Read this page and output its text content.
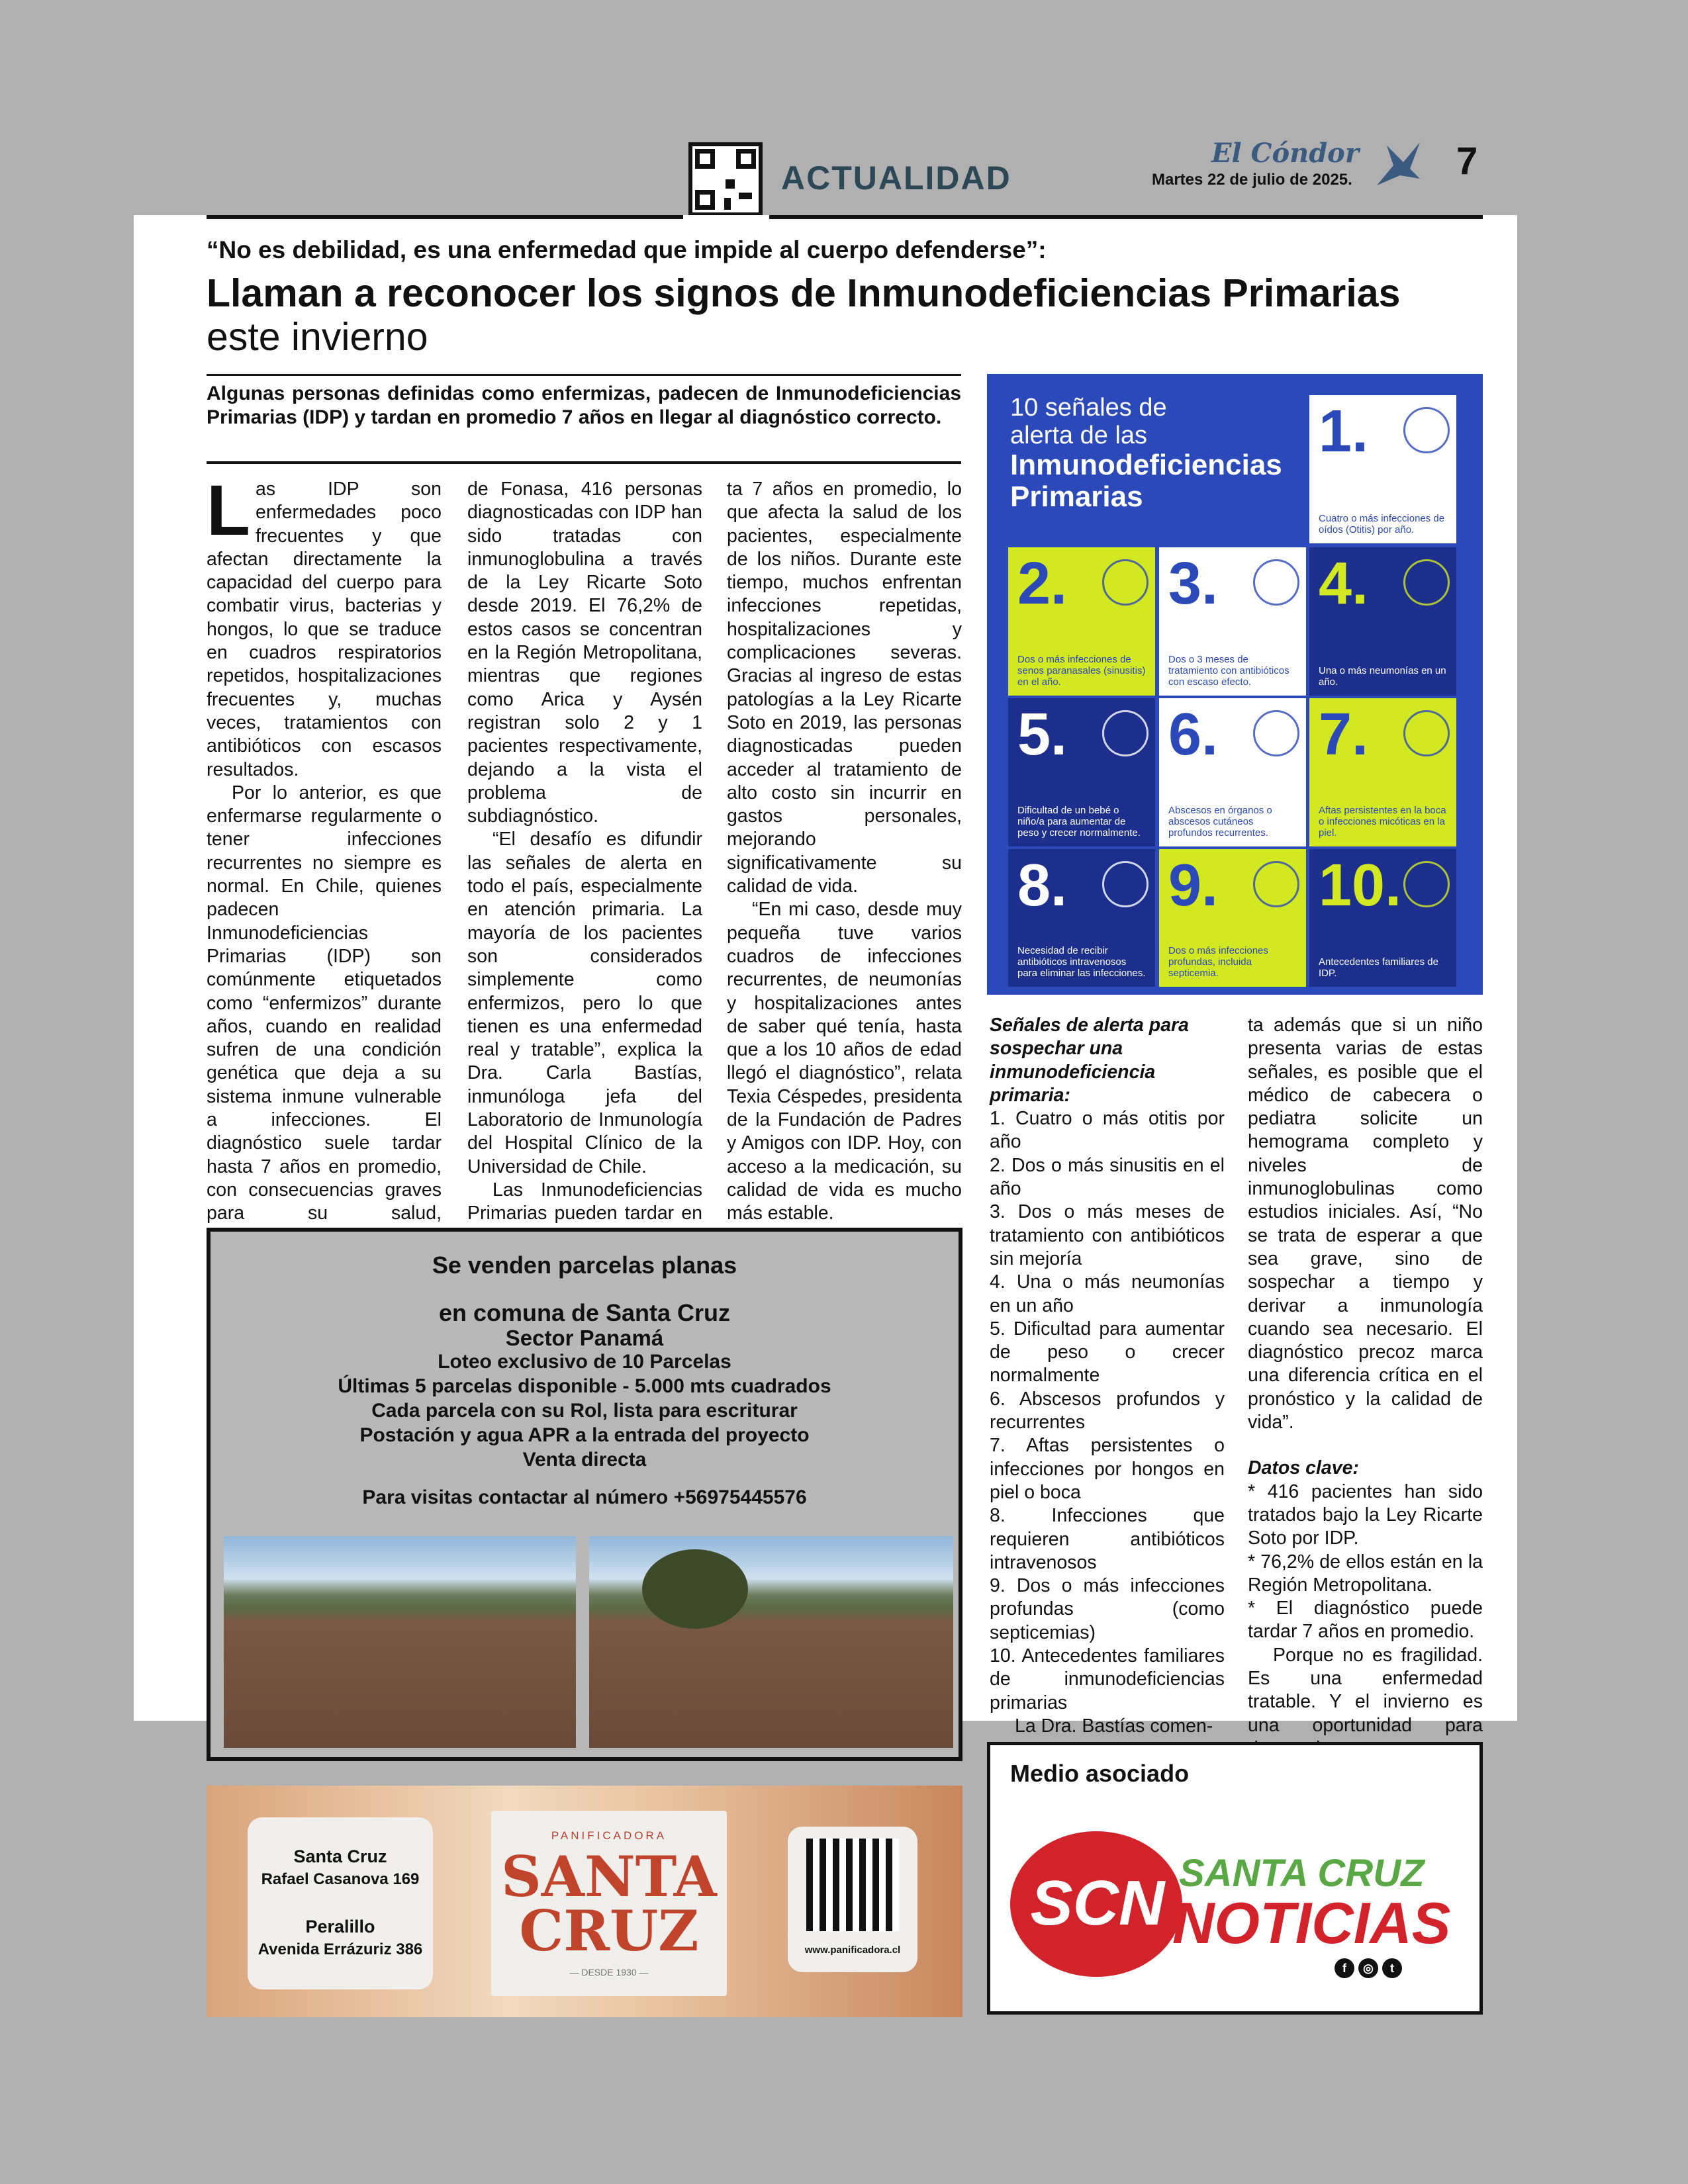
ACTUALIDAD
El Cóndor
Martes 22 de julio de 2025.	7
“No es debilidad, es una enfermedad que impide al cuerpo defenderse”:
Llaman a reconocer los signos de Inmunodeficiencias Primarias
este invierno
Algunas personas definidas como enfermizas, padecen de Inmunodeficiencias Primarias (IDP) y tardan en promedio 7 años en llegar al diagnóstico correcto.

Las IDP son enfermedades poco frecuentes y que afectan directamente la capacidad del cuerpo para combatir virus, bacterias y hongos, lo que se traduce en cuadros respiratorios repetidos, hospitalizaciones frecuentes y, muchas veces, tratamientos con antibióticos con escasos resultados.

Por lo anterior, es que enfermarse regularmente o tener infecciones recurrentes no siempre es normal. En Chile, quienes padecen Inmunodeficiencias Primarias (IDP) son comúnmente etiquetados como “enfermizos” durante años, cuando en realidad sufren de una condición genética que deja a su sistema inmune vulnerable a infecciones. El diagnóstico suele tardar hasta 7 años en promedio, con consecuencias graves para su salud,

de Fonasa, 416 personas diagnosticadas con IDP han sido tratadas con inmunoglobulina a través de la Ley Ricarte Soto desde 2019. El 76,2% de estos casos se concentran en la Región Metropolitana, mientras que regiones como Arica y Aysén registran solo 2 y 1 pacientes respectivamente, dejando a la vista el problema de subdiagnóstico.

“El desafío es difundir las señales de alerta en todo el país, especialmente en atención primaria. La mayoría de los pacientes son considerados simplemente como enfermizos, pero lo que tienen es una enfermedad real y tratable”, explica la Dra. Carla Bastías, inmunóloga jefa del Laboratorio de Inmunología del Hospital Clínico de la Universidad de Chile.

Las Inmunodeficiencias Primarias pueden tardar en

ta 7 años en promedio, lo que afecta la salud de los pacientes, especialmente de los niños. Durante este tiempo, muchos enfrentan infecciones repetidas, hospitalizaciones y complicaciones severas. Gracias al ingreso de estas patologías a la Ley Ricarte Soto en 2019, las personas diagnosticadas pueden acceder al tratamiento de alto costo sin incurrir en gastos personales, mejorando significativamente su calidad de vida.

“En mi caso, desde muy pequeña tuve varios cuadros de infecciones recurrentes, de neumonías y hospitalizaciones antes de saber qué tenía, hasta que a los 10 años de edad llegó el diagnóstico”, relata Texia Céspedes, presidenta de la Fundación de Padres y Amigos con IDP. Hoy, con acceso a la medicación, su calidad de vida es mucho más estable.

10 señales de
alerta de las
Inmunodeficiencias
Primarias
1.
Cuatro o más infecciones de oídos (Otitis) por año.
2.
Dos o más infecciones de senos paranasales (sinusitis) en el año.
3.
Dos o 3 meses de tratamiento con antibióticos con escaso efecto.
4.
Una o más neumonías en un año.
5.
Dificultad de un bebé o niño/a para aumentar de peso y crecer normalmente.
6.
Abscesos en órganos o abscesos cutáneos profundos recurrentes.
7.
Aftas persistentes en la boca o infecciones micóticas en la piel.
8.
Necesidad de recibir antibióticos intravenosos para eliminar las infecciones.
9.
Dos o más infecciones profundas, incluida septicemia.
10.
Antecedentes familiares de IDP.

Señales de alerta para sospechar una inmunodeficiencia primaria:

1. Cuatro o más otitis por año

2. Dos o más sinusitis en el año

3. Dos o más meses de tratamiento con antibióticos sin mejoría

4. Una o más neumonías en un año

5. Dificultad para aumentar de peso o crecer normalmente

6. Abscesos profundos y recurrentes

7. Aftas persistentes o infecciones por hongos en piel o boca

8. Infecciones que requieren antibióticos intravenosos

9. Dos o más infecciones profundas (como septicemias)

10. Antecedentes familiares de inmunodeficiencias primarias

La Dra. Bastías comen-

ta además que si un niño presenta varias de estas señales, es posible que el médico de cabecera o pediatra solicite un hemograma completo y niveles de inmunoglobulinas como estudios iniciales. Así, “No se trata de esperar a que sea grave, sino de sospechar a tiempo y derivar a inmunología cuando sea necesario. El diagnóstico precoz marca una diferencia crítica en el pronóstico y la calidad de vida”.

Datos clave:

* 416 pacientes han sido tratados bajo la Ley Ricarte Soto por IDP.

* 76,2% de ellos están en la Región Metropolitana.

* El diagnóstico puede tardar 7 años en promedio.

Porque no es fragilidad. Es una enfermedad tratable. Y el invierno es una oportunidad para

Se venden parcelas planas
en comuna de Santa Cruz
Sector Panamá
Loteo exclusivo de 10 Parcelas
Últimas 5 parcelas disponible - 5.000 mts cuadrados
Cada parcela con su Rol, lista para escriturar
Postación y agua APR a la entrada del proyecto
Venta directa
Para visitas contactar al número +56975445576
Santa Cruz
Rafael Casanova 169
Peralillo
Avenida Errázuriz 386
PANIFICADORA
SANTA
CRUZ
— DESDE 1930 —
www.panificadora.cl
Medio asociado
SCN SANTA CRUZ
NOTICIAS
f	◎	t
